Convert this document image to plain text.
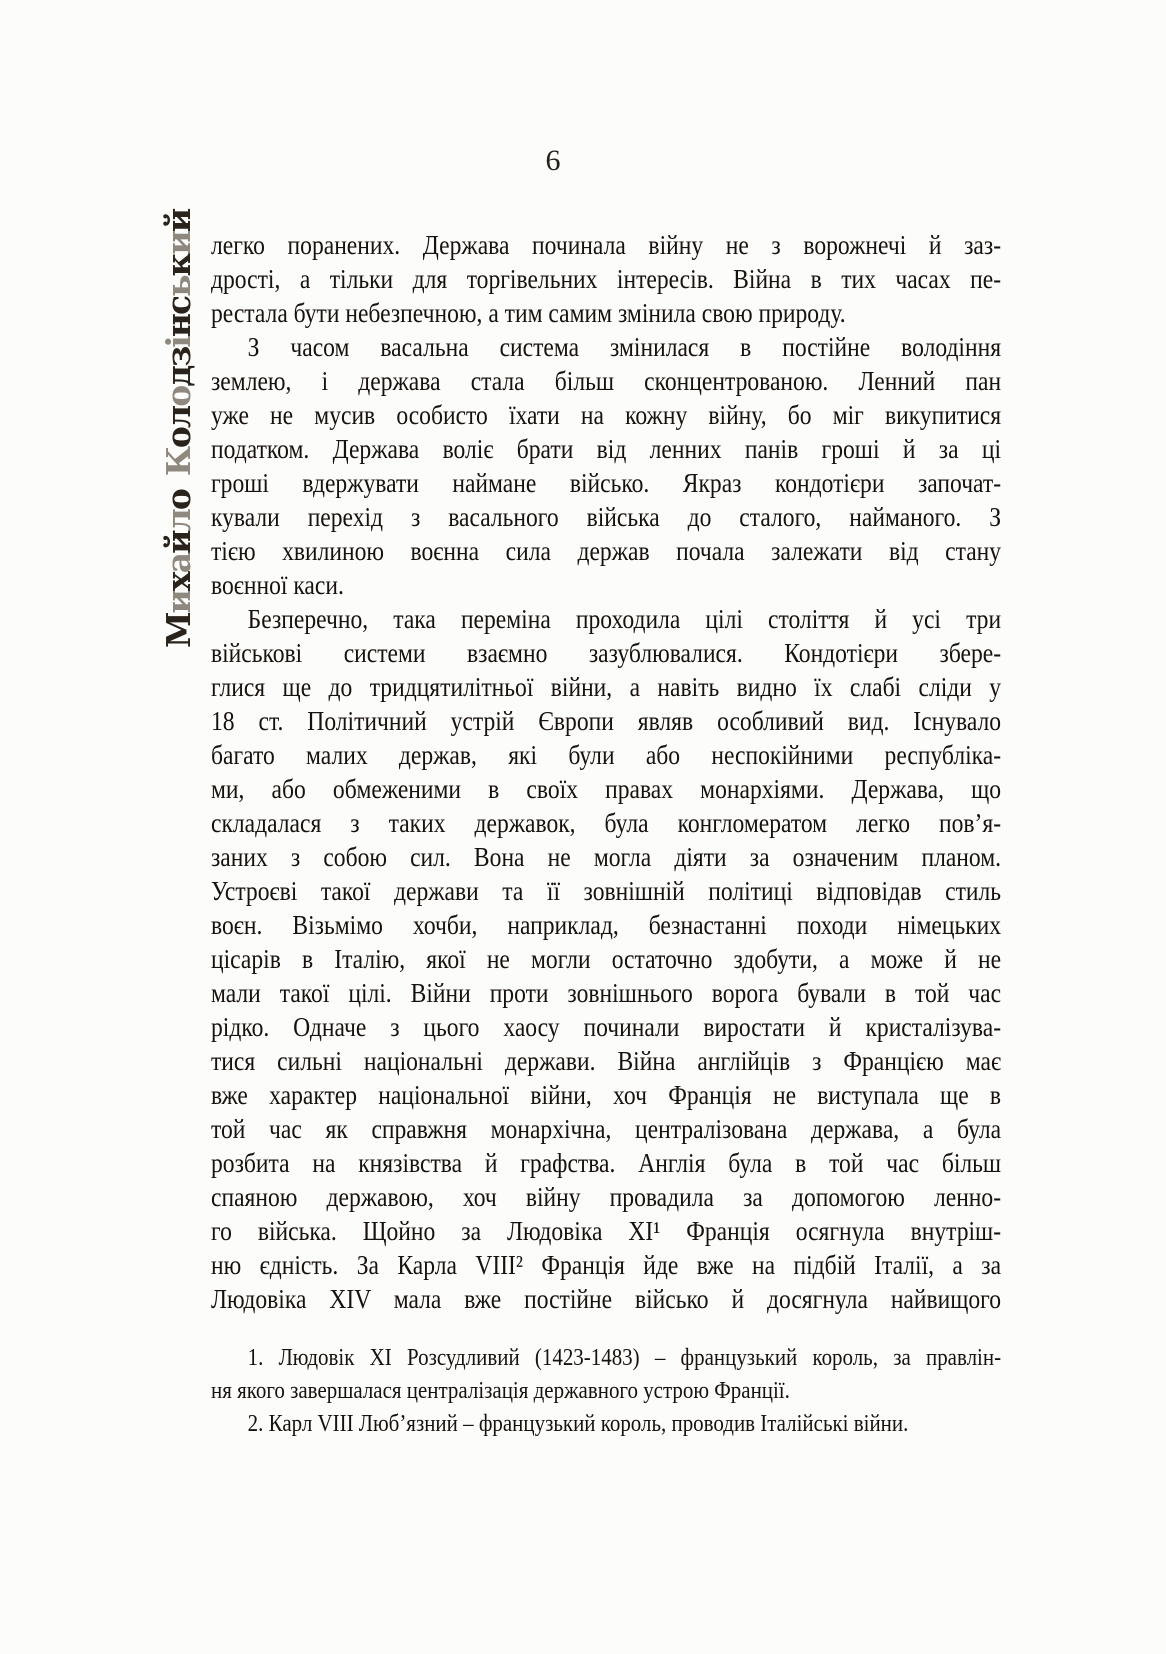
6
МихайлоКолодзінський
легко поранених. Держава починала війну не з ворожнечі й заз-
дрості, а тільки для торгівельних інтересів. Війна в тих часах пе-
рестала бути небезпечною, а тим самим змінила свою природу.
З часом васальна система змінилася в постійне володіння
землею, і держава стала більш сконцентрованою. Ленний пан
уже не мусив особисто їхати на кожну війну, бо міг викупитися
податком. Держава воліє брати від ленних панів гроші й за ці
гроші вдержувати наймане військо. Якраз кондотієри започат-
кували перехід з васального війська до сталого, найманого. З
тією хвилиною воєнна сила держав почала залежати від стану
воєнної каси.
Безперечно, така переміна проходила цілі століття й усі три
військові системи взаємно зазублювалися. Кондотієри збере-
глися ще до тридцятилітньої війни, а навіть видно їх слабі сліди у
18 ст. Політичний устрій Європи являв особливий вид. Існувало
багато малих держав, які були або неспокійними республіка-
ми, або обмеженими в своїх правах монархіями. Держава, що
складалася з таких державок, була конгломератом легко пов’я-
заних з собою сил. Вона не могла діяти за означеним планом.
Устроєві такої держави та її зовнішній політиці відповідав стиль
воєн. Візьмімо хочби, наприклад, безнастанні походи німецьких
цісарів в Італію, якої не могли остаточно здобути, а може й не
мали такої цілі. Війни проти зовнішнього ворога бували в той час
рідко. Одначе з цього хаосу починали виростати й кристалізува-
тися сильні національні держави. Війна англійців з Францією має
вже характер національної війни, хоч Франція не виступала ще в
той час як справжня монархічна, централізована держава, а була
розбита на князівства й графства. Англія була в той час більш
спаяною державою, хоч війну провадила за допомогою ленно-
го війська. Щойно за Людовіка XI¹ Франція осягнула внутріш-
ню єдність. За Карла VIII² Франція йде вже на підбій Італії, а за
Людовіка XIV мала вже постійне військо й досягнула найвищого
1. Людовік XI Розсудливий (1423-1483) – французький король, за правлін-
ня якого завершалася централізація державного устрою Франції.
2. Карл VIII Люб’язний – французький король, проводив Італійські війни.
